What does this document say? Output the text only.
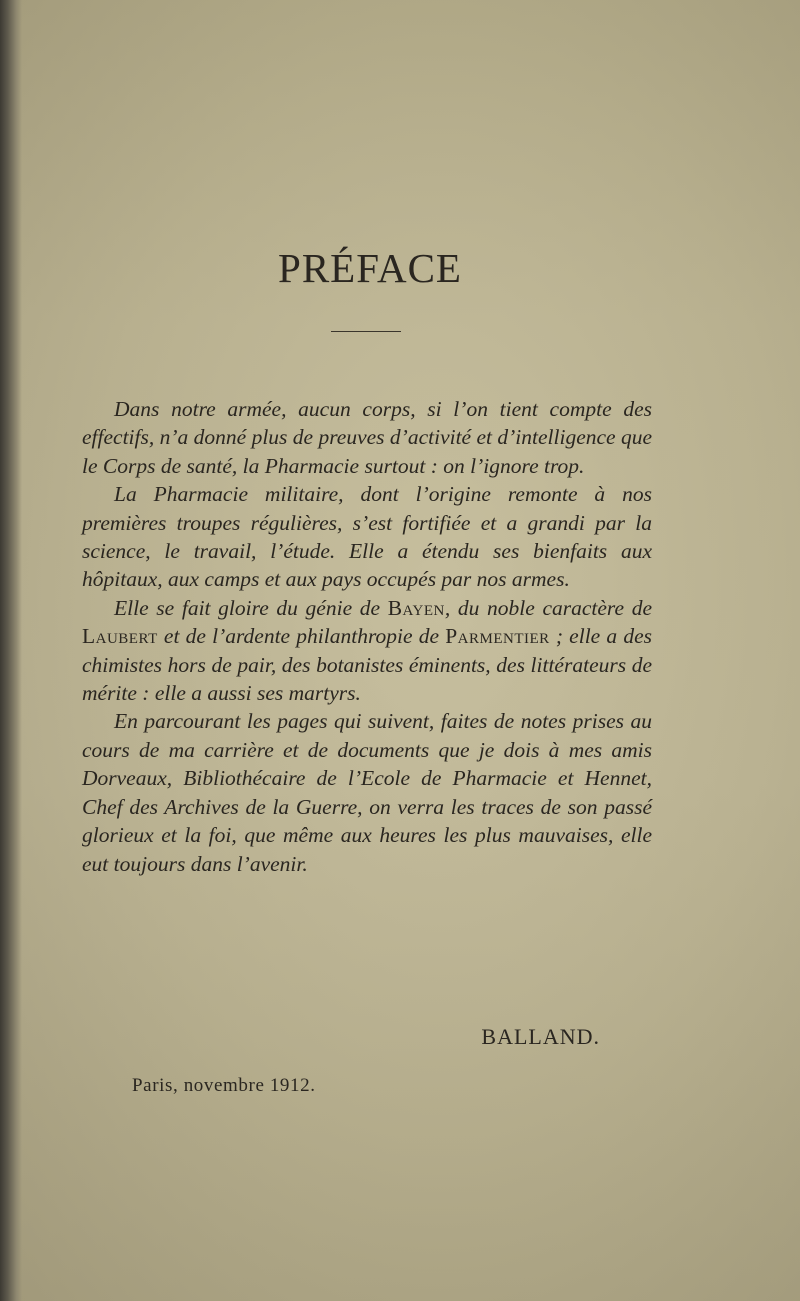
PRÉFACE

Dans notre armée, aucun corps, si l’on tient compte des effectifs, n’a donné plus de preuves d’activité et d’intelligence que le Corps de santé, la Pharmacie surtout : on l’ignore trop.

La Pharmacie militaire, dont l’origine remonte à nos premières troupes régulières, s’est fortifiée et a grandi par la science, le travail, l’étude. Elle a étendu ses bienfaits aux hôpitaux, aux camps et aux pays occupés par nos armes.

Elle se fait gloire du génie de Bayen, du noble caractère de Laubert et de l’ardente philanthropie de Parmentier ; elle a des chimistes hors de pair, des botanistes éminents, des littérateurs de mérite : elle a aussi ses martyrs.

En parcourant les pages qui suivent, faites de notes prises au cours de ma carrière et de documents que je dois à mes amis Dorveaux, Bibliothécaire de l’Ecole de Pharmacie et Hennet, Chef des Archives de la Guerre, on verra les traces de son passé glorieux et la foi, que même aux heures les plus mauvaises, elle eut toujours dans l’avenir.

BALLAND.
Paris, novembre 1912.
